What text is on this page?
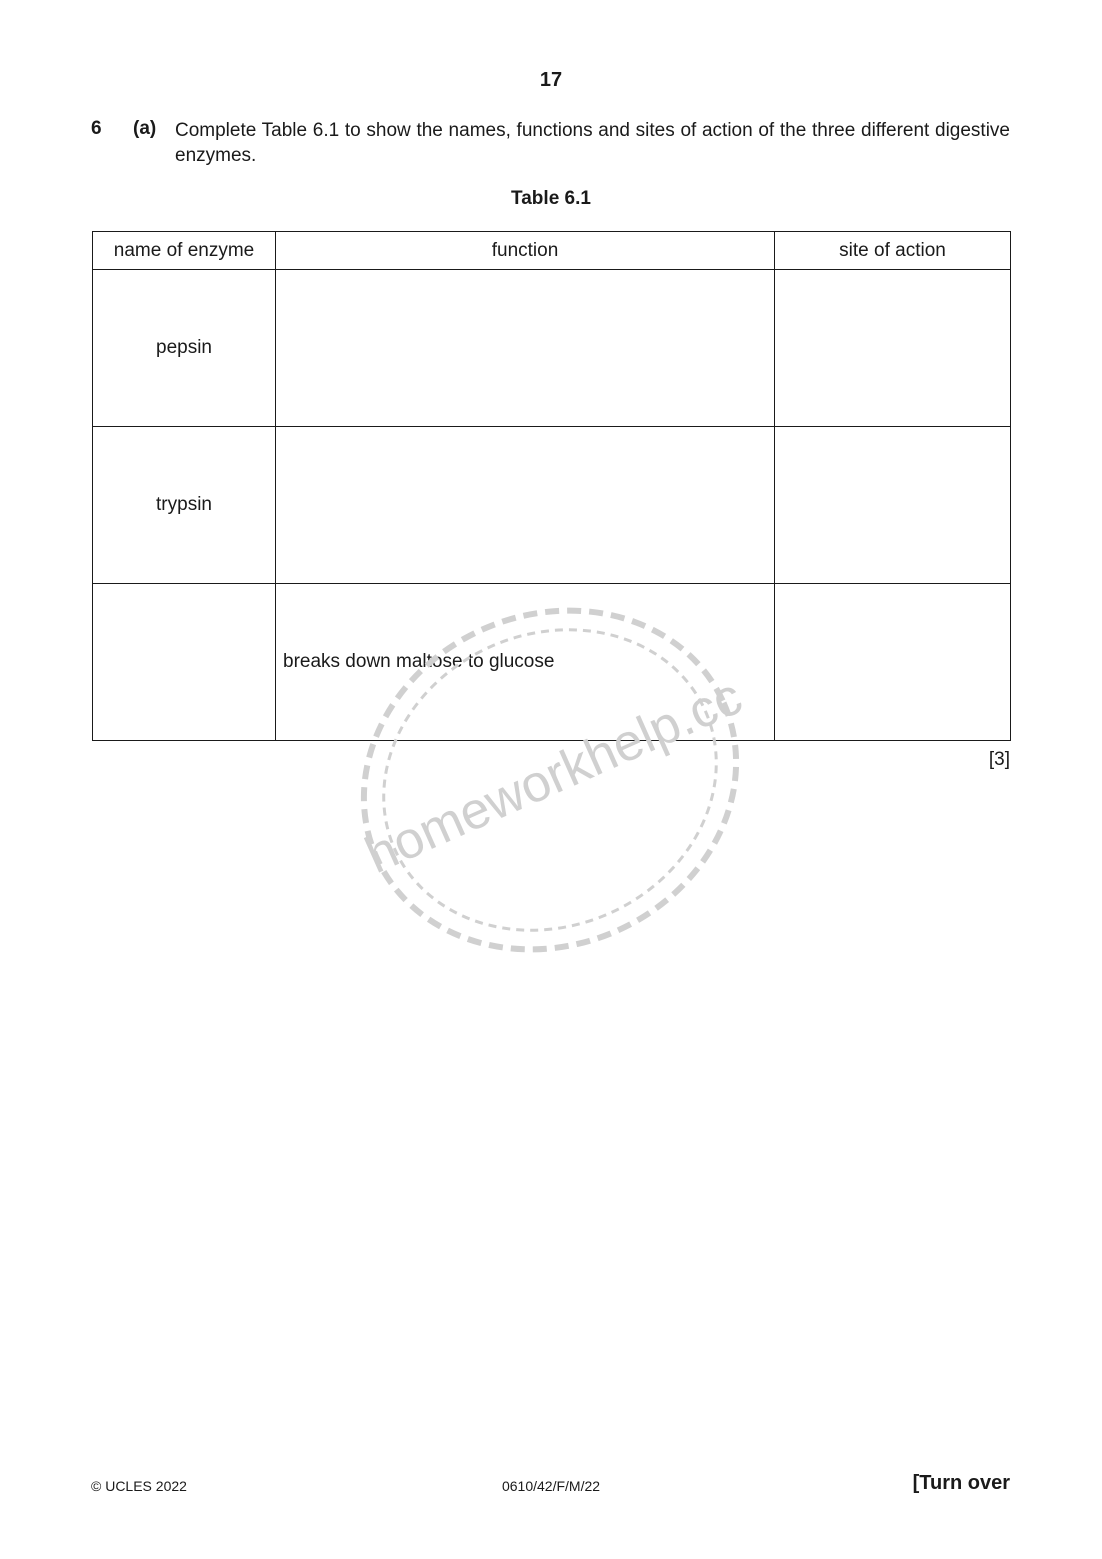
17
6 (a) Complete Table 6.1 to show the names, functions and sites of action of the three different digestive enzymes.
Table 6.1
name of enzyme	function	site of action
pepsin		
trypsin		
	breaks down maltose to glucose	
[3]
homeworkhelp.cc
© UCLES 2022	0610/42/F/M/22	[Turn over
